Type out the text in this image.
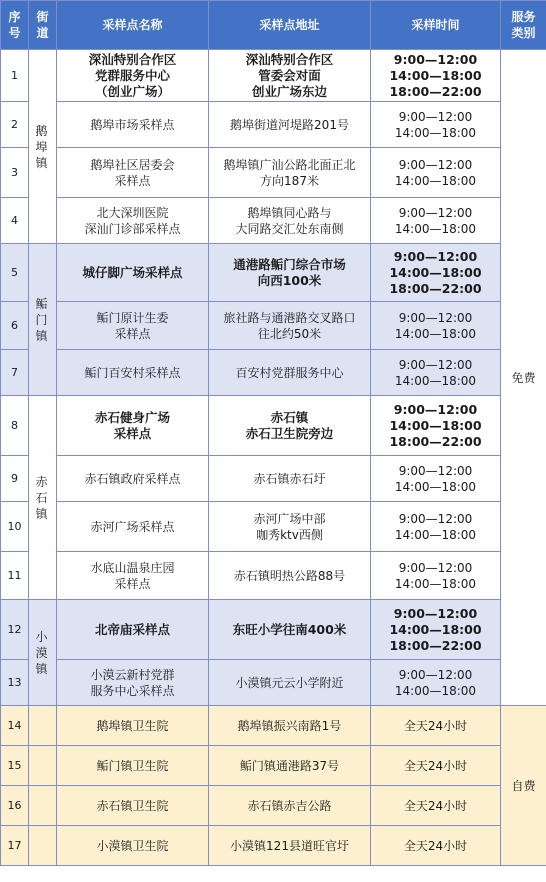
序
号	街
道	采样点名称	采样点地址	采样时间	服务
类别
1	鹅
埠
镇	深汕特别合作区
党群服务中心
（创业广场）	深汕特别合作区
管委会对面
创业广场东边	9:00—12:00
14:00—18:00
18:00—22:00	免费
2		鹅埠市场采样点	鹅埠街道河堤路201号	9:00—12:00
14:00—18:00	
3		鹅埠社区居委会
采样点	鹅埠镇广汕公路北面正北
方向187米	9:00—12:00
14:00—18:00	
4		北大深圳医院
深汕门诊部采样点	鹅埠镇同心路与
大同路交汇处东南侧	9:00—12:00
14:00—18:00	
5	鲘门
镇	城仔脚广场采样点	通港路鲘门综合市场
向西100米	9:00—12:00
14:00—18:00
18:00—22:00	
6		鲘门原计生委
采样点	旅社路与通港路交叉路口
往北约50米	9:00—12:00
14:00—18:00	
7		鲘门百安村采样点	百安村党群服务中心	9:00—12:00
14:00—18:00	
8	赤
石
镇	赤石健身广场
采样点	赤石镇
赤石卫生院旁边	9:00—12:00
14:00—18:00
18:00—22:00	
9		赤石镇政府采样点	赤石镇赤石圩	9:00—12:00
14:00—18:00	
10		赤河广场采样点	赤河广场中部
咖秀ktv西侧	9:00—12:00
14:00—18:00	
11		水底山温泉庄园
采样点	赤石镇明热公路88号	9:00—12:00
14:00—18:00	
12	小
漠
镇	北帝庙采样点	东旺小学往南400米	9:00—12:00
14:00—18:00
18:00—22:00	
13		小漠云新村党群
服务中心采样点	小漠镇元云小学附近	9:00—12:00
14:00—18:00	
14		鹅埠镇卫生院	鹅埠镇振兴南路1号	全天24小时	自费
15		鲘门镇卫生院	鲘门镇通港路37号	全天24小时	
16		赤石镇卫生院	赤石镇赤吉公路	全天24小时	
17		小漠镇卫生院	小漠镇121县道旺官圩	全天24小时	
